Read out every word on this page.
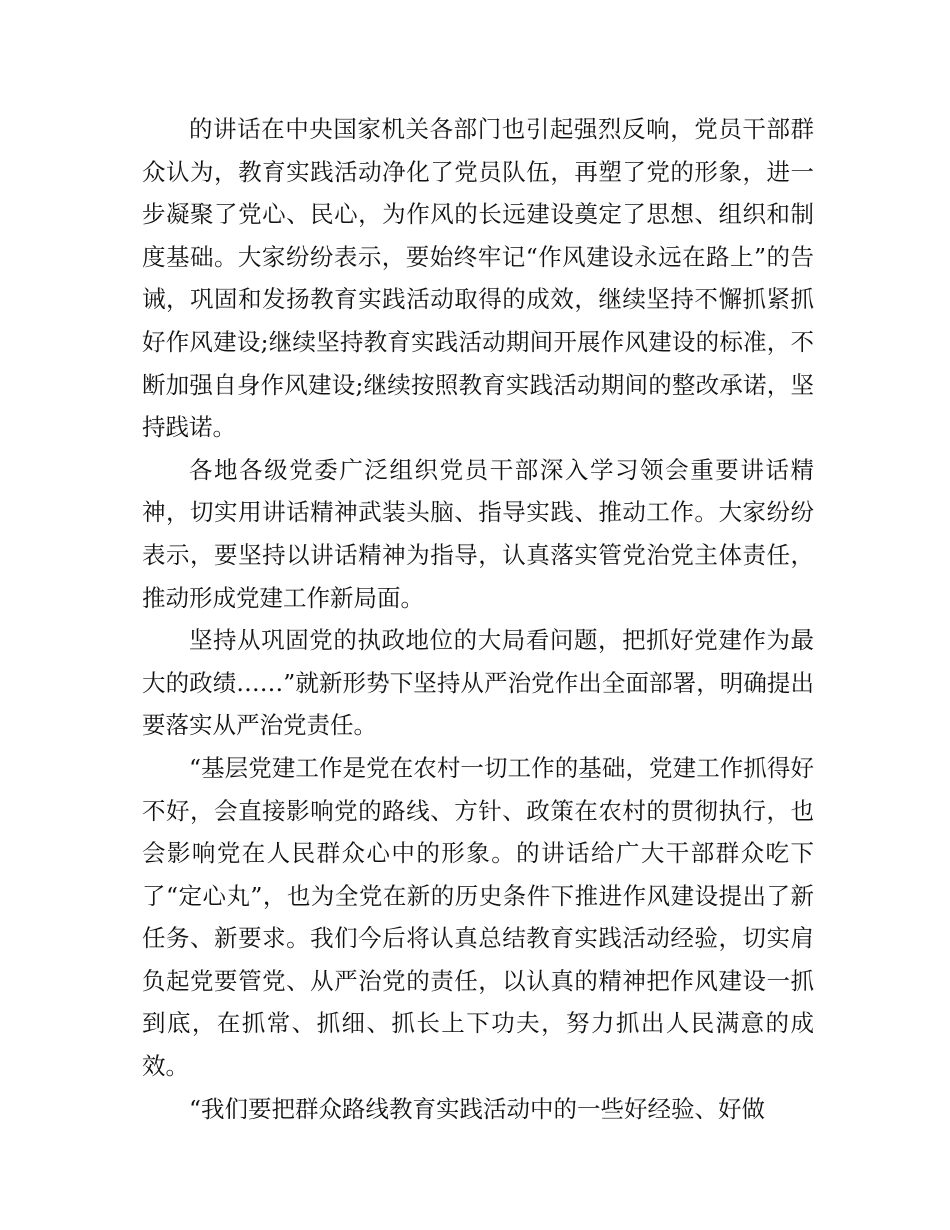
的讲话在中央国家机关各部门也引起强烈反响，党员干部群众认为，教育实践活动净化了党员队伍，再塑了党的形象，进一步凝聚了党心、民心，为作风的长远建设奠定了思想、组织和制度基础。大家纷纷表示，要始终牢记“作风建设永远在路上”的告诫，巩固和发扬教育实践活动取得的成效，继续坚持不懈抓紧抓好作风建设;继续坚持教育实践活动期间开展作风建设的标准，不断加强自身作风建设;继续按照教育实践活动期间的整改承诺，坚持践诺。

各地各级党委广泛组织党员干部深入学习领会重要讲话精神，切实用讲话精神武装头脑、指导实践、推动工作。大家纷纷表示，要坚持以讲话精神为指导，认真落实管党治党主体责任，推动形成党建工作新局面。

坚持从巩固党的执政地位的大局看问题，把抓好党建作为最大的政绩……”就新形势下坚持从严治党作出全面部署，明确提出要落实从严治党责任。

“基层党建工作是党在农村一切工作的基础，党建工作抓得好不好，会直接影响党的路线、方针、政策在农村的贯彻执行，也会影响党在人民群众心中的形象。的讲话给广大干部群众吃下了“定心丸”，也为全党在新的历史条件下推进作风建设提出了新任务、新要求。我们今后将认真总结教育实践活动经验，切实肩负起党要管党、从严治党的责任，以认真的精神把作风建设一抓到底，在抓常、抓细、抓长上下功夫，努力抓出人民满意的成效。

“我们要把群众路线教育实践活动中的一些好经验、好做
